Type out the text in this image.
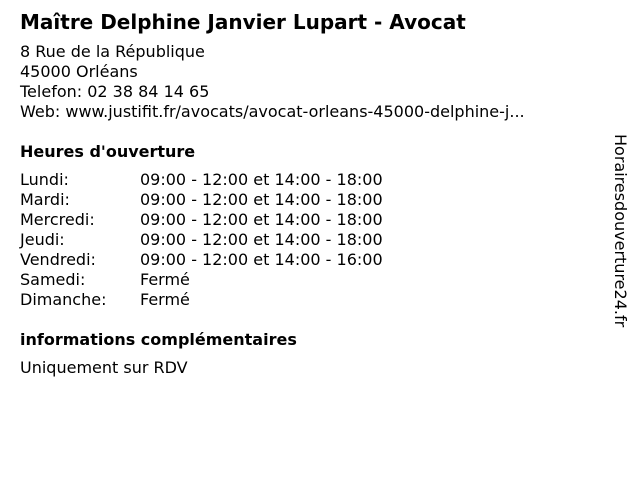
Maître Delphine Janvier Lupart - Avocat
8 Rue de la République
45000 Orléans
Telefon: 02 38 84 14 65
Web: www.justifit.fr/avocats/avocat-orleans-45000-delphine-j...
Heures d'ouverture
Lundi:	09:00 - 12:00 et 14:00 - 18:00
Mardi:	09:00 - 12:00 et 14:00 - 18:00
Mercredi:	09:00 - 12:00 et 14:00 - 18:00
Jeudi:	09:00 - 12:00 et 14:00 - 18:00
Vendredi:	09:00 - 12:00 et 14:00 - 16:00
Samedi:	Fermé
Dimanche:	Fermé
informations complémentaires
Uniquement sur RDV
Horairesdouverture24.fr
